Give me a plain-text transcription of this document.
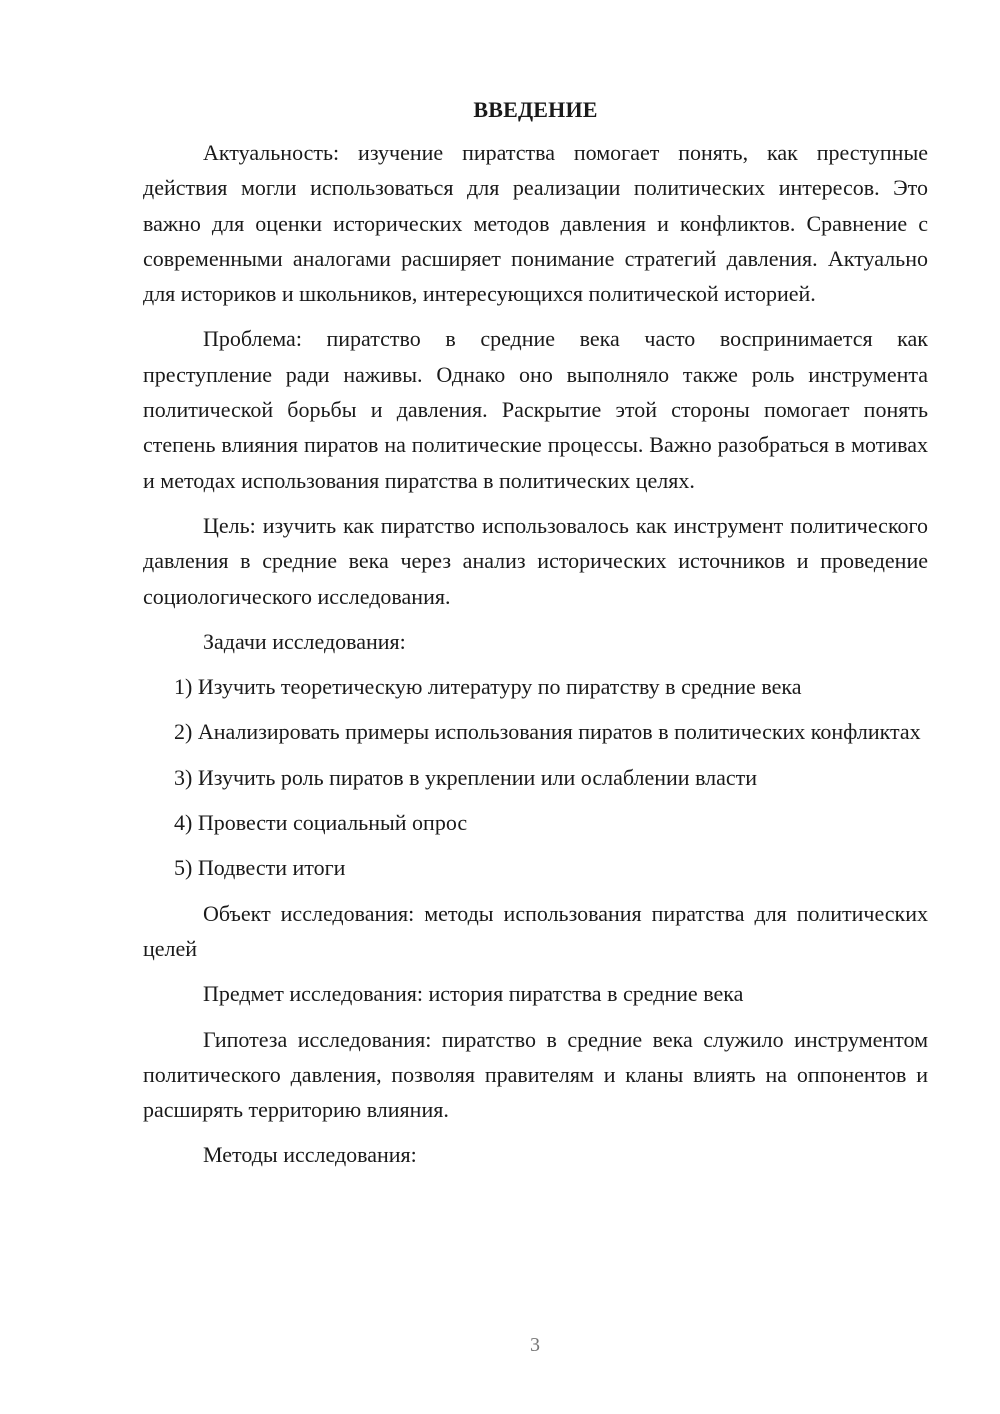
ВВЕДЕНИЕ

Актуальность: изучение пиратства помогает понять, как преступные действия могли использоваться для реализации политических интересов. Это важно для оценки исторических методов давления и конфликтов. Сравнение с современными аналогами расширяет понимание стратегий давления. Актуально для историков и школьников, интересующихся политической историей.

Проблема: пиратство в средние века часто воспринимается как преступление ради наживы. Однако оно выполняло также роль инструмента политической борьбы и давления. Раскрытие этой стороны помогает понять степень влияния пиратов на политические процессы. Важно разобраться в мотивах и методах использования пиратства в политических целях.

Цель: изучить как пиратство использовалось как инструмент политического давления в средние века через анализ исторических источников и проведение социологического исследования.

Задачи исследования:

1) Изучить теоретическую литературу по пиратству в средние века

2) Анализировать примеры использования пиратов в политических конфликтах

3) Изучить роль пиратов в укреплении или ослаблении власти

4) Провести социальный опрос

5) Подвести итоги

Объект исследования: методы использования пиратства для политических целей

Предмет исследования: история пиратства в средние века

Гипотеза исследования: пиратство в средние века служило инструментом политического давления, позволяя правителям и кланы влиять на оппонентов и расширять территорию влияния.

Методы исследования:

3
